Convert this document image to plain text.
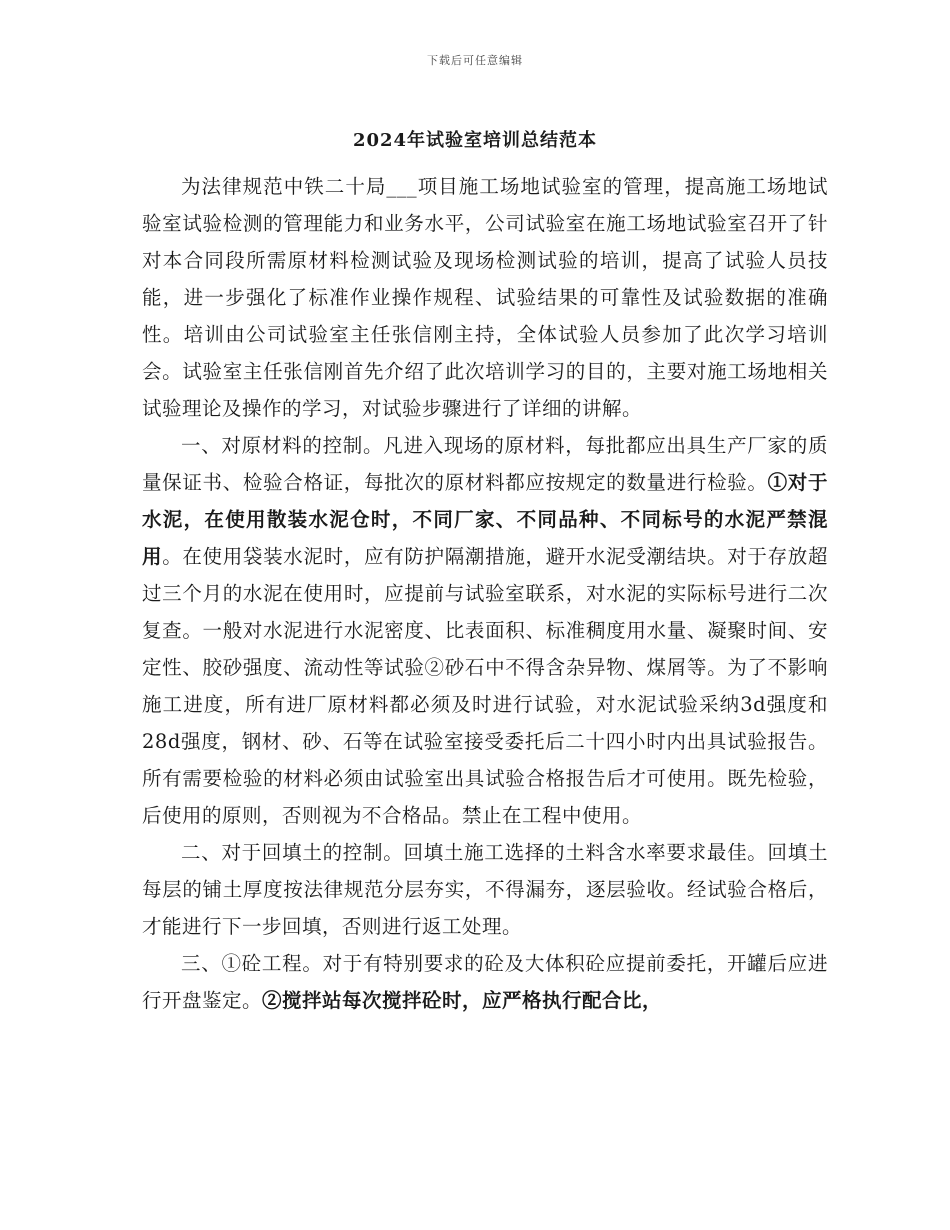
下载后可任意编辑
2024年试验室培训总结范本

为法律规范中铁二十局___项目施工场地试验室的管理，提高施工场地试验室试验检测的管理能力和业务水平，公司试验室在施工场地试验室召开了针对本合同段所需原材料检测试验及现场检测试验的培训，提高了试验人员技能，进一步强化了标准作业操作规程、试验结果的可靠性及试验数据的准确性。培训由公司试验室主任张信刚主持，全体试验人员参加了此次学习培训会。试验室主任张信刚首先介绍了此次培训学习的目的，主要对施工场地相关试验理论及操作的学习，对试验步骤进行了详细的讲解。

一、对原材料的控制。凡进入现场的原材料，每批都应出具生产厂家的质量保证书、检验合格证，每批次的原材料都应按规定的数量进行检验。①对于水泥，在使用散装水泥仓时，不同厂家、不同品种、不同标号的水泥严禁混用。在使用袋装水泥时，应有防护隔潮措施，避开水泥受潮结块。对于存放超过三个月的水泥在使用时，应提前与试验室联系，对水泥的实际标号进行二次复查。一般对水泥进行水泥密度、比表面积、标准稠度用水量、凝聚时间、安定性、胶砂强度、流动性等试验②砂石中不得含杂异物、煤屑等。为了不影响施工进度，所有进厂原材料都必须及时进行试验，对水泥试验采纳3d强度和28d强度，钢材、砂、石等在试验室接受委托后二十四小时内出具试验报告。所有需要检验的材料必须由试验室出具试验合格报告后才可使用。既先检验，后使用的原则，否则视为不合格品。禁止在工程中使用。

二、对于回填土的控制。回填土施工选择的土料含水率要求最佳。回填土每层的铺土厚度按法律规范分层夯实，不得漏夯，逐层验收。经试验合格后，才能进行下一步回填，否则进行返工处理。

三、①砼工程。对于有特别要求的砼及大体积砼应提前委托，开罐后应进行开盘鉴定。②搅拌站每次搅拌砼时，应严格执行配合比，
